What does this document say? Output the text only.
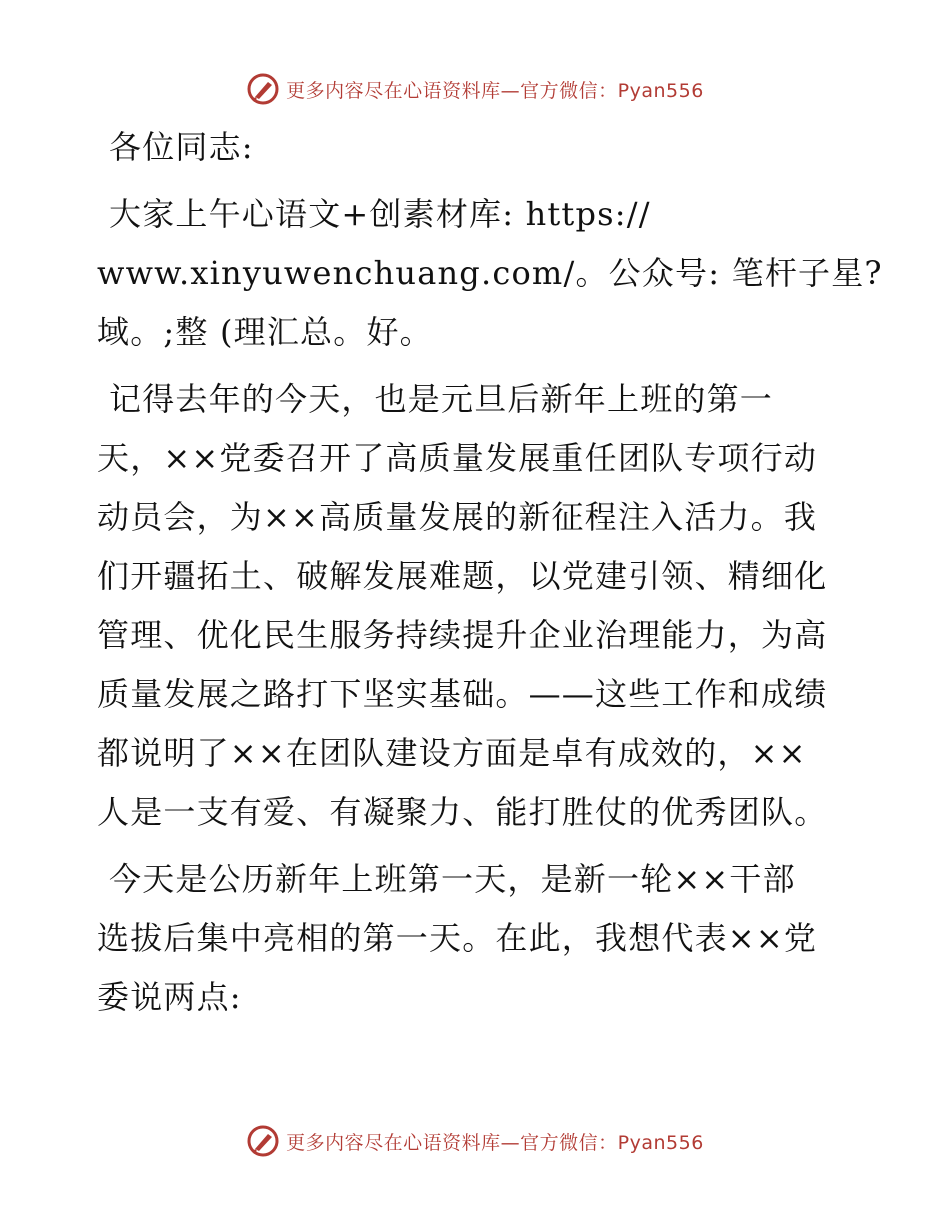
更多内容尽在心语资料库—官方微信：Pyan556

各位同志:

大家上午心语文+创素材库: https://
www.xinyuwenchuang.com/。公众号: 笔杆子星?
域。;整 (理汇总。好。

记得去年的今天，也是元旦后新年上班的第一
天，××党委召开了高质量发展重任团队专项行动
动员会，为××高质量发展的新征程注入活力。我
们开疆拓土、破解发展难题，以党建引领、精细化
管理、优化民生服务持续提升企业治理能力，为高
质量发展之路打下坚实基础。——这些工作和成绩
都说明了××在团队建设方面是卓有成效的，××
人是一支有爱、有凝聚力、能打胜仗的优秀团队。

今天是公历新年上班第一天，是新一轮××干部
选拔后集中亮相的第一天。在此，我想代表××党
委说两点:

更多内容尽在心语资料库—官方微信：Pyan556
